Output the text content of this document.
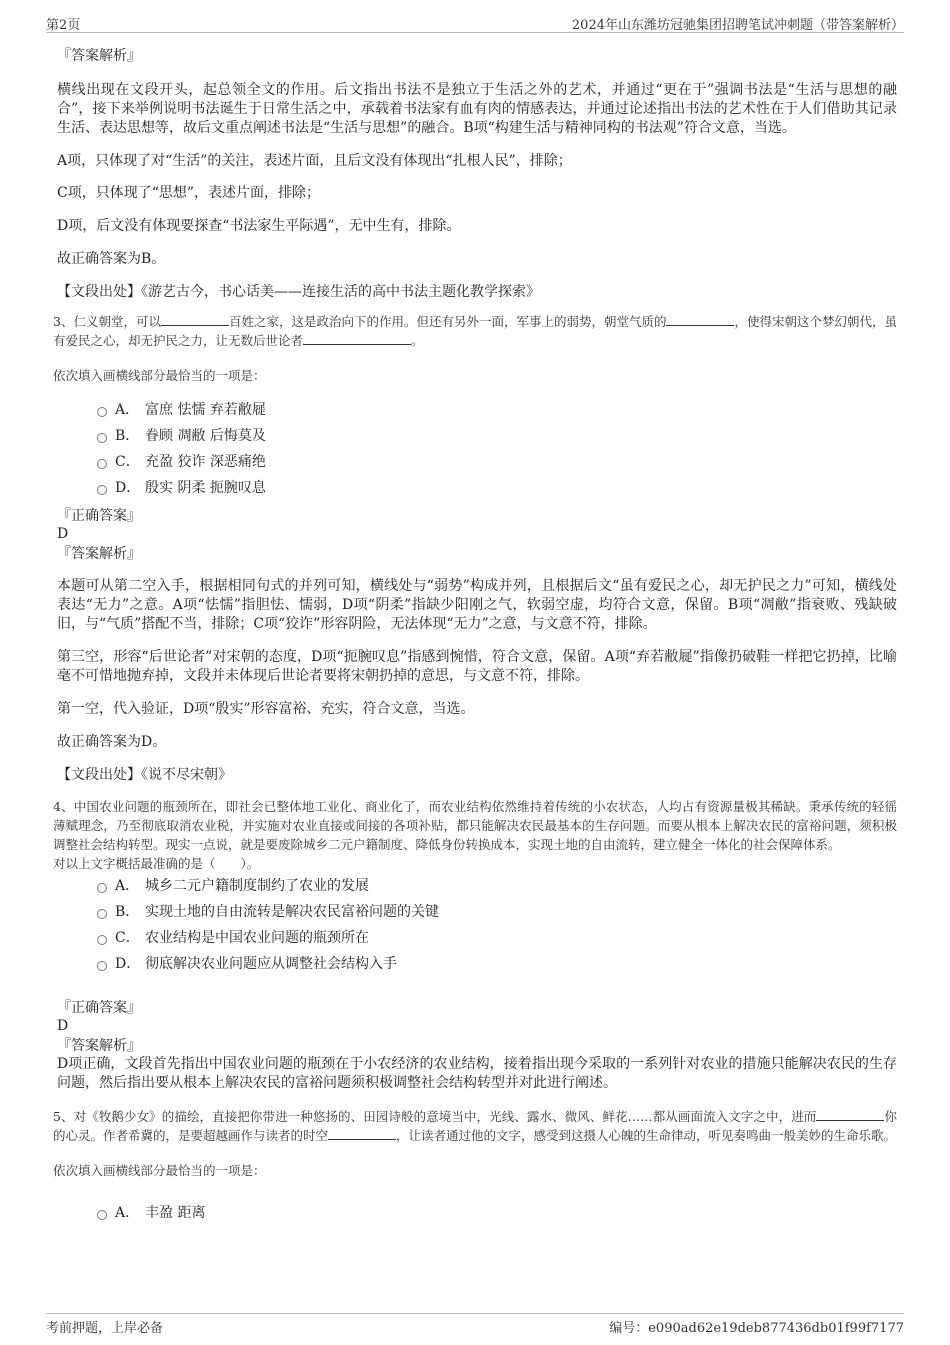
第2页	2024年山东潍坊冠驰集团招聘笔试冲刺题（带答案解析）
『答案解析』

横线出现在文段开头，起总领全文的作用。后文指出书法不是独立于生活之外的艺术，并通过“更在于”强调书法是“生活与思想的融合”，接下来举例说明书法诞生于日常生活之中，承载着书法家有血有肉的情感表达，并通过论述指出书法的艺术性在于人们借助其记录生活、表达思想等，故后文重点阐述书法是“生活与思想”的融合。B项“构建生活与精神同构的书法观”符合文意，当选。

A项，只体现了对“生活”的关注，表述片面，且后文没有体现出“扎根人民”，排除；

C项，只体现了“思想”，表述片面，排除；

D项，后文没有体现要探查“书法家生平际遇”，无中生有，排除。

故正确答案为B。

【文段出处】《游艺古今，书心话美——连接生活的高中书法主题化教学探索》

3、仁义朝堂，可以	百姓之家，这是政治向下的作用。但还有另外一面，军事上的弱势，朝堂气质的	，使得宋朝这个梦幻朝代，虽有爱民之心，却无护民之力，让无数后世论者	。

依次填入画横线部分最恰当的一项是：

A． 富庶 怯懦 弃若敝屣
B． 眷顾 凋敝 后悔莫及
C． 充盈 狡诈 深恶痛绝
D． 殷实 阴柔 扼腕叹息
『正确答案』
D
『答案解析』

本题可从第二空入手，根据相同句式的并列可知，横线处与“弱势”构成并列，且根据后文“虽有爱民之心，却无护民之力”可知，横线处表达“无力”之意。A项“怯懦”指胆怯、懦弱，D项“阴柔”指缺少阳刚之气，软弱空虚，均符合文意，保留。B项“凋敝”指衰败、残缺破旧，与“气质”搭配不当，排除；C项“狡诈”形容阴险，无法体现“无力”之意，与文意不符，排除。

第三空，形容“后世论者”对宋朝的态度，D项“扼腕叹息”指感到惋惜，符合文意，保留。A项“弃若敝屣”指像扔破鞋一样把它扔掉，比喻毫不可惜地抛弃掉，文段并未体现后世论者要将宋朝扔掉的意思，与文意不符，排除。

第一空，代入验证，D项“殷实”形容富裕、充实，符合文意，当选。

故正确答案为D。

【文段出处】《说不尽宋朝》

4、中国农业问题的瓶颈所在，即社会已整体地工业化、商业化了，而农业结构依然维持着传统的小农状态，人均占有资源量极其稀缺。秉承传统的轻徭薄赋理念，乃至彻底取消农业税，并实施对农业直接或间接的各项补贴，都只能解决农民最基本的生存问题。而要从根本上解决农民的富裕问题，须积极调整社会结构转型。现实一点说，就是要废除城乡二元户籍制度、降低身份转换成本，实现土地的自由流转，建立健全一体化的社会保障体系。

对以上文字概括最准确的是（　　）。

A． 城乡二元户籍制度制约了农业的发展
B． 实现土地的自由流转是解决农民富裕问题的关键
C． 农业结构是中国农业问题的瓶颈所在
D． 彻底解决农业问题应从调整社会结构入手
『正确答案』
D
『答案解析』

D项正确，文段首先指出中国农业问题的瓶颈在于小农经济的农业结构，接着指出现今采取的一系列针对农业的措施只能解决农民的生存问题，然后指出要从根本上解决农民的富裕问题须积极调整社会结构转型并对此进行阐述。

5、对《牧鹅少女》的描绘，直接把你带进一种悠扬的、田园诗般的意境当中，光线、露水、微风、鲜花……都从画面流入文字之中，进而	你的心灵。作者希冀的，是要超越画作与读者的时空	，让读者通过他的文字，感受到这摄人心魄的生命律动，听见奏鸣曲一般美妙的生命乐歌。

依次填入画横线部分最恰当的一项是：

A． 丰盈 距离
考前押题，上岸必备	编号：e090ad62e19deb877436db01f99f7177
